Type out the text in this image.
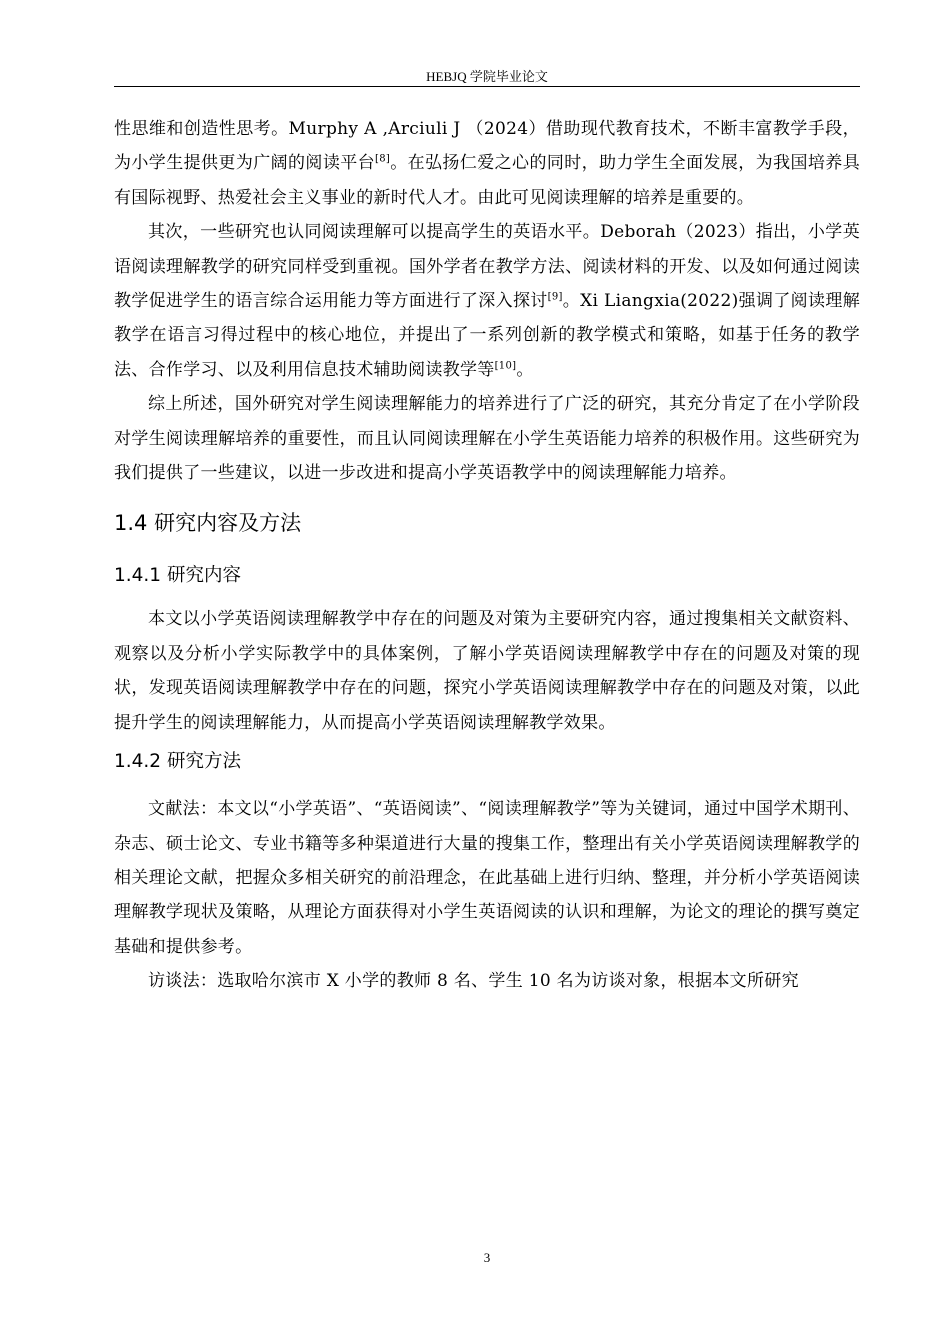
HEBJQ 学院毕业论文

性思维和创造性思考。Murphy A ,Arciuli J （2024）借助现代教育技术，不断丰富教学手段，为小学生提供更为广阔的阅读平台[8]。在弘扬仁爱之心的同时，助力学生全面发展，为我国培养具有国际视野、热爱社会主义事业的新时代人才。由此可见阅读理解的培养是重要的。

其次，一些研究也认同阅读理解可以提高学生的英语水平。Deborah（2023）指出，小学英语阅读理解教学的研究同样受到重视。国外学者在教学方法、阅读材料的开发、以及如何通过阅读教学促进学生的语言综合运用能力等方面进行了深入探讨[9]。Xi Liangxia(2022)强调了阅读理解教学在语言习得过程中的核心地位，并提出了一系列创新的教学模式和策略，如基于任务的教学法、合作学习、以及利用信息技术辅助阅读教学等[10]。

综上所述，国外研究对学生阅读理解能力的培养进行了广泛的研究，其充分肯定了在小学阶段对学生阅读理解培养的重要性，而且认同阅读理解在小学生英语能力培养的积极作用。这些研究为我们提供了一些建议，以进一步改进和提高小学英语教学中的阅读理解能力培养。

1.4 研究内容及方法
1.4.1 研究内容

本文以小学英语阅读理解教学中存在的问题及对策为主要研究内容，通过搜集相关文献资料、观察以及分析小学实际教学中的具体案例，了解小学英语阅读理解教学中存在的问题及对策的现状，发现英语阅读理解教学中存在的问题，探究小学英语阅读理解教学中存在的问题及对策，以此提升学生的阅读理解能力，从而提高小学英语阅读理解教学效果。

1.4.2 研究方法

文献法：本文以“小学英语”、“英语阅读”、“阅读理解教学”等为关键词，通过中国学术期刊、杂志、硕士论文、专业书籍等多种渠道进行大量的搜集工作，整理出有关小学英语阅读理解教学的相关理论文献，把握众多相关研究的前沿理念，在此基础上进行归纳、整理，并分析小学英语阅读理解教学现状及策略，从理论方面获得对小学生英语阅读的认识和理解，为论文的理论的撰写奠定基础和提供参考。

访谈法：选取哈尔滨市 X 小学的教师 8 名、学生 10 名为访谈对象，根据本文所研究

3
